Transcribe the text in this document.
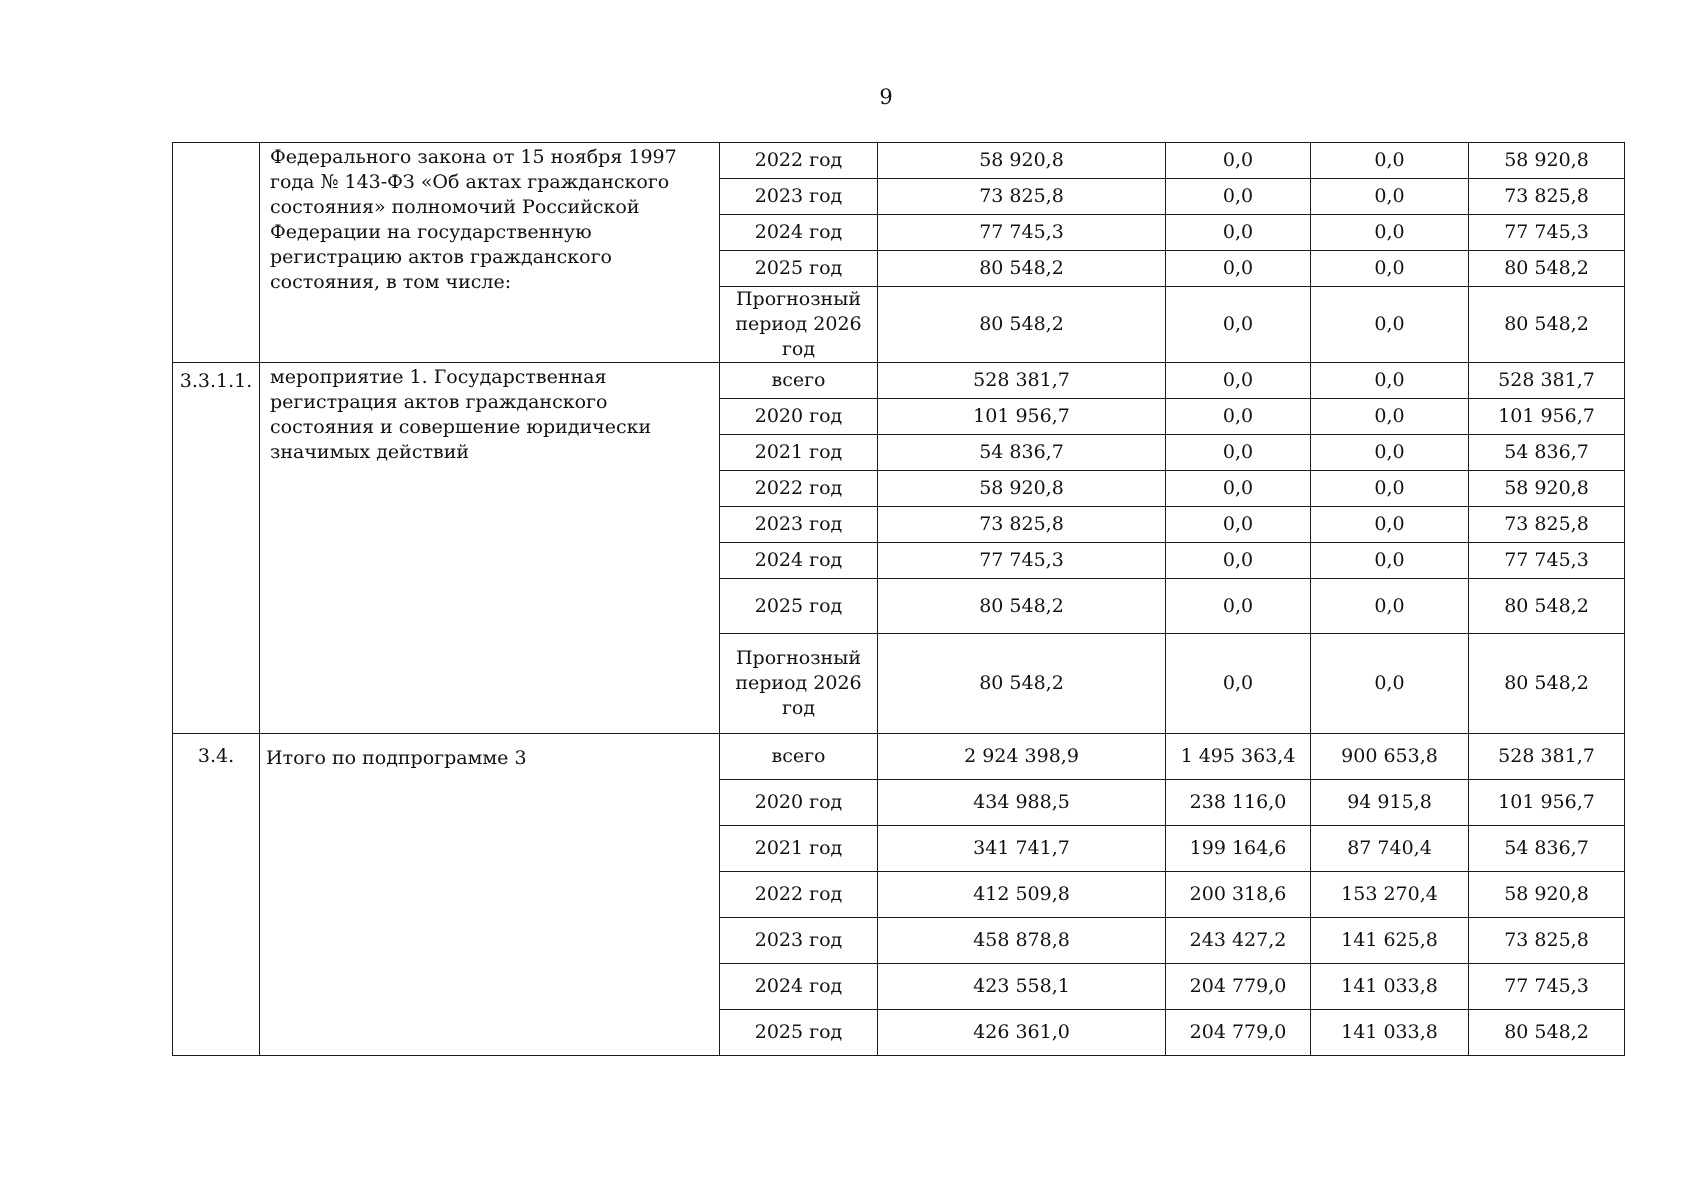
9
	Федерального закона от 15 ноября 1997 года № 143-ФЗ «Об актах гражданского состояния» полномочий Российской Федерации на государственную регистрацию актов гражданского состояния, в том числе:	2022 год	58 920,8	0,0	0,0	58 920,8
		2023 год	73 825,8	0,0	0,0	73 825,8
		2024 год	77 745,3	0,0	0,0	77 745,3
		2025 год	80 548,2	0,0	0,0	80 548,2
		Прогнозный период 2026 год	80 548,2	0,0	0,0	80 548,2
3.3.1.1.	мероприятие 1. Государственная регистрация актов гражданского состояния и совершение юридически значимых действий	всего	528 381,7	0,0	0,0	528 381,7
		2020 год	101 956,7	0,0	0,0	101 956,7
		2021 год	54 836,7	0,0	0,0	54 836,7
		2022 год	58 920,8	0,0	0,0	58 920,8
		2023 год	73 825,8	0,0	0,0	73 825,8
		2024 год	77 745,3	0,0	0,0	77 745,3
		2025 год	80 548,2	0,0	0,0	80 548,2
		Прогнозный период 2026 год	80 548,2	0,0	0,0	80 548,2
3.4.	Итого по подпрограмме 3	всего	2 924 398,9	1 495 363,4	900 653,8	528 381,7
		2020 год	434 988,5	238 116,0	94 915,8	101 956,7
		2021 год	341 741,7	199 164,6	87 740,4	54 836,7
		2022 год	412 509,8	200 318,6	153 270,4	58 920,8
		2023 год	458 878,8	243 427,2	141 625,8	73 825,8
		2024 год	423 558,1	204 779,0	141 033,8	77 745,3
		2025 год	426 361,0	204 779,0	141 033,8	80 548,2
